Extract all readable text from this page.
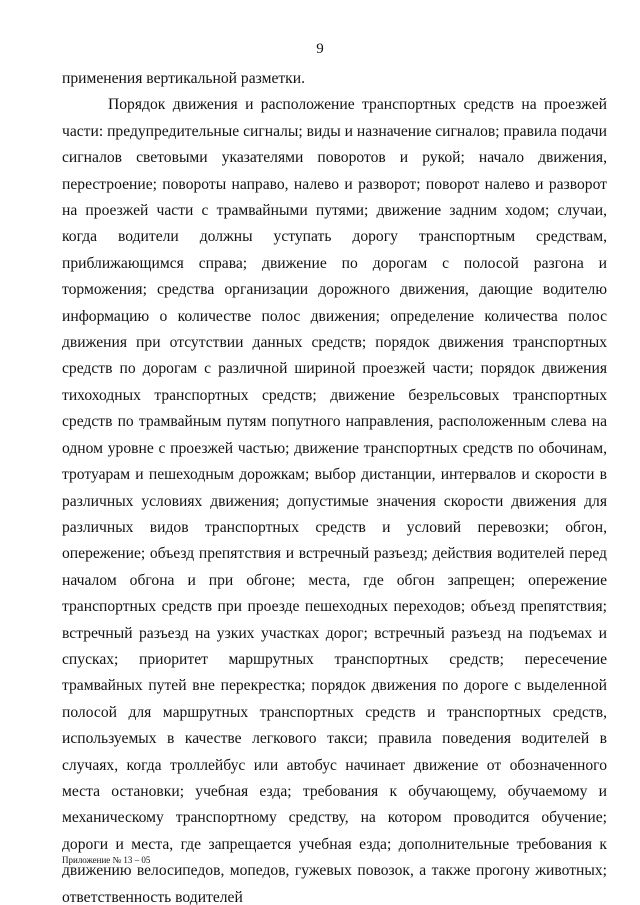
9

применения вертикальной разметки.

Порядок движения и расположение транспортных средств на проезжей части: предупредительные сигналы; виды и назначение сигналов; правила подачи сигналов световыми указателями поворотов и рукой; начало движения, перестроение; повороты направо, налево и разворот; поворот налево и разворот на проезжей части с трамвайными путями; движение задним ходом; случаи, когда водители должны уступать дорогу транспортным средствам, приближающимся справа; движение по дорогам с полосой разгона и торможения; средства организации дорожного движения, дающие водителю информацию о количестве полос движения; определение количества полос движения при отсутствии данных средств; порядок движения транспортных средств по дорогам с различной шириной проезжей части; порядок движения тихоходных транспортных средств; движение безрельсовых транспортных средств по трамвайным путям попутного направления, расположенным слева на одном уровне с проезжей частью; движение транспортных средств по обочинам, тротуарам и пешеходным дорожкам; выбор дистанции, интервалов и скорости в различных условиях движения; допустимые значения скорости движения для различных видов транспортных средств и условий перевозки; обгон, опережение; объезд препятствия и встречный разъезд; действия водителей перед началом обгона и при обгоне; места, где обгон запрещен; опережение транспортных средств при проезде пешеходных переходов; объезд препятствия; встречный разъезд на узких участках дорог; встречный разъезд на подъемах и спусках; приоритет маршрутных транспортных средств; пересечение трамвайных путей вне перекрестка; порядок движения по дороге с выделенной полосой для маршрутных транспортных средств и транспортных средств, используемых в качестве легкового такси; правила поведения водителей в случаях, когда троллейбус или автобус начинает движение от обозначенного места остановки; учебная езда; требования к обучающему, обучаемому и механическому транспортному средству, на котором проводится обучение; дороги и места, где запрещается учебная езда; дополнительные требования к движению велосипедов, мопедов, гужевых повозок, а также прогону животных; ответственность водителей

Приложение № 13 – 05
